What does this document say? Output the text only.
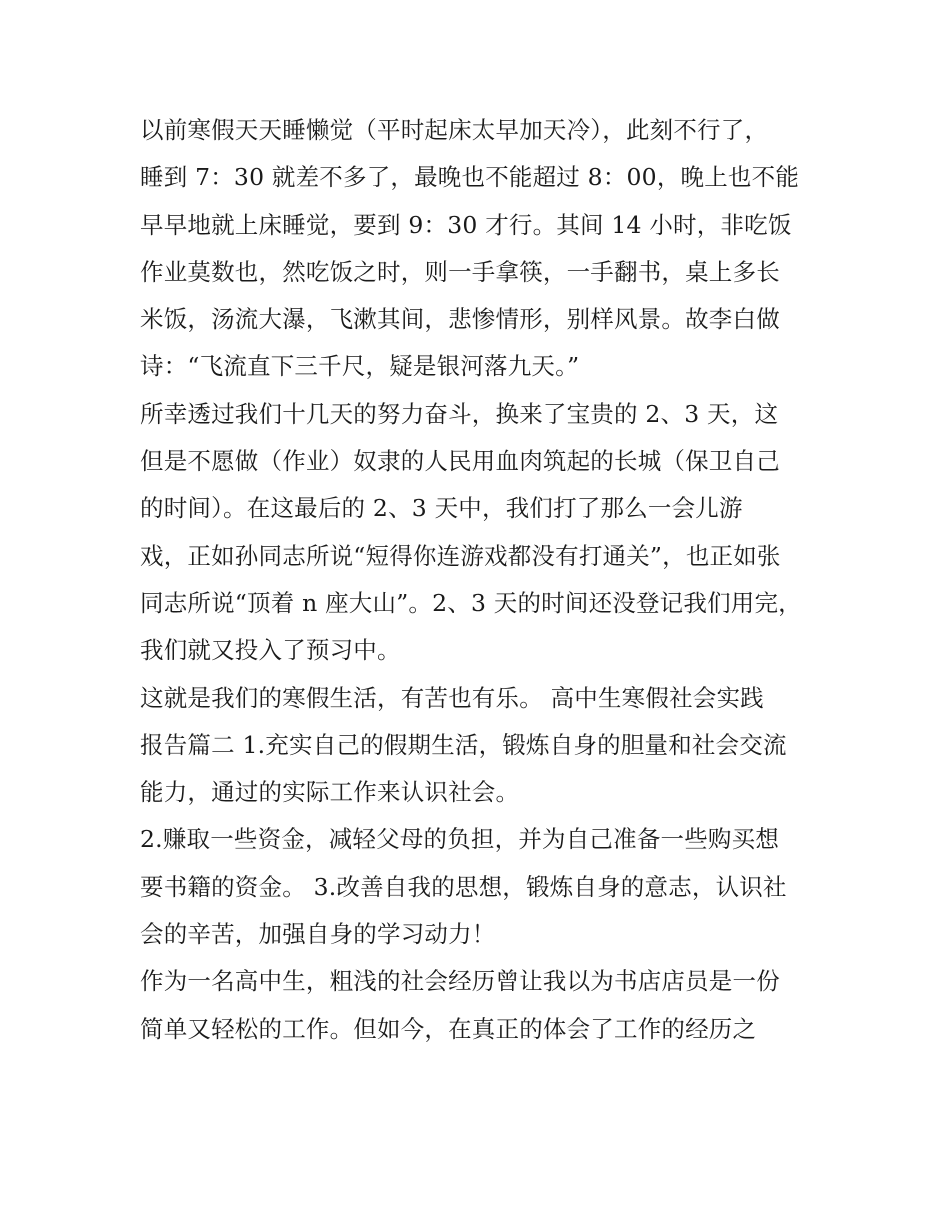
以前寒假天天睡懒觉（平时起床太早加天冷），此刻不行了，
睡到 7：30 就差不多了，最晚也不能超过 8：00，晚上也不能
早早地就上床睡觉，要到 9：30 才行。其间 14 小时，非吃饭
作业莫数也，然吃饭之时，则一手拿筷，一手翻书，桌上多长
米饭，汤流大瀑，飞漱其间，悲惨情形，别样风景。故李白做
诗：“飞流直下三千尺，疑是银河落九天。”
所幸透过我们十几天的努力奋斗，换来了宝贵的 2、3 天，这
但是不愿做（作业）奴隶的人民用血肉筑起的长城（保卫自己
的时间）。在这最后的 2、3 天中，我们打了那么一会儿游
戏，正如孙同志所说“短得你连游戏都没有打通关”，也正如张
同志所说“顶着 n 座大山”。2、3 天的时间还没登记我们用完，
我们就又投入了预习中。
这就是我们的寒假生活，有苦也有乐。 高中生寒假社会实践
报告篇二 1.充实自己的假期生活，锻炼自身的胆量和社会交流
能力，通过的实际工作来认识社会。
2.赚取一些资金，减轻父母的负担，并为自己准备一些购买想
要书籍的资金。 3.改善自我的思想，锻炼自身的意志，认识社
会的辛苦，加强自身的学习动力！
作为一名高中生，粗浅的社会经历曾让我以为书店店员是一份
简单又轻松的工作。但如今，在真正的体会了工作的经历之
